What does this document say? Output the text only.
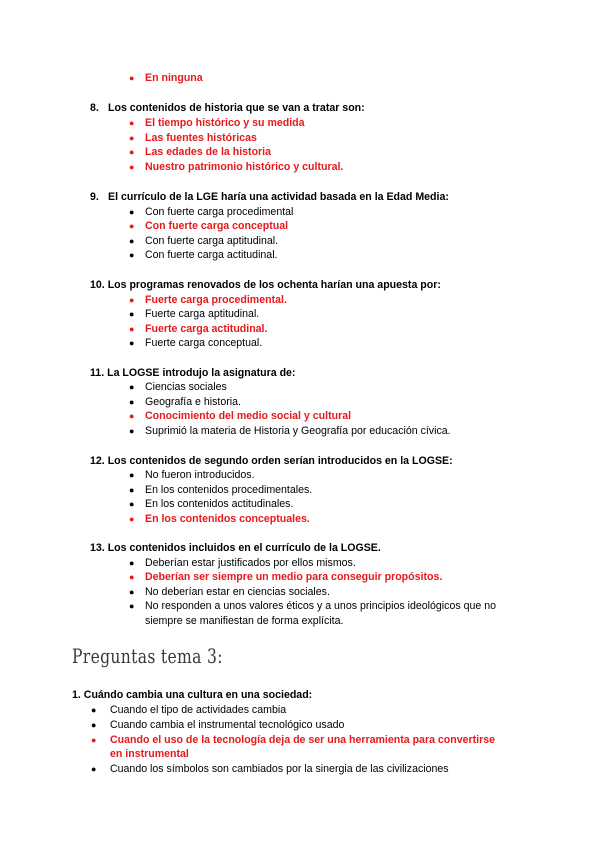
● En ninguna
8. Los contenidos de historia que se van a tratar son:
● El tiempo histórico y su medida
● Las fuentes históricas
● Las edades de la historia
● Nuestro patrimonio histórico y cultural.
9. El currículo de la LGE haría una actividad basada en la Edad Media:
● Con fuerte carga procedimental
● Con fuerte carga conceptual
● Con fuerte carga aptitudinal.
● Con fuerte carga actitudinal.
10. Los programas renovados de los ochenta harían una apuesta por:
● Fuerte carga procedimental.
● Fuerte carga aptitudinal.
● Fuerte carga actitudinal.
● Fuerte carga conceptual.
11. La LOGSE introdujo la asignatura de:
● Ciencias sociales
● Geografía e historia.
● Conocimiento del medio social y cultural
● Suprimió la materia de Historia y Geografía por educación cívica.
12. Los contenidos de segundo orden serían introducidos en la LOGSE:
● No fueron introducidos.
● En los contenidos procedimentales.
● En los contenidos actitudinales.
● En los contenidos conceptuales.
13. Los contenidos incluidos en el currículo de la LOGSE.
● Deberían estar justificados por ellos mismos.
● Deberían ser siempre un medio para conseguir propósitos.
● No deberían estar en ciencias sociales.
● No responden a unos valores éticos y a unos principios ideológicos que no
siempre se manifiestan de forma explícita.
Preguntas tema 3:
1. Cuándo cambia una cultura en una sociedad:
● Cuando el tipo de actividades cambia
● Cuando cambia el instrumental tecnológico usado
● Cuando el uso de la tecnología deja de ser una herramienta para convertirse
en instrumental
● Cuando los símbolos son cambiados por la sinergia de las civilizaciones
